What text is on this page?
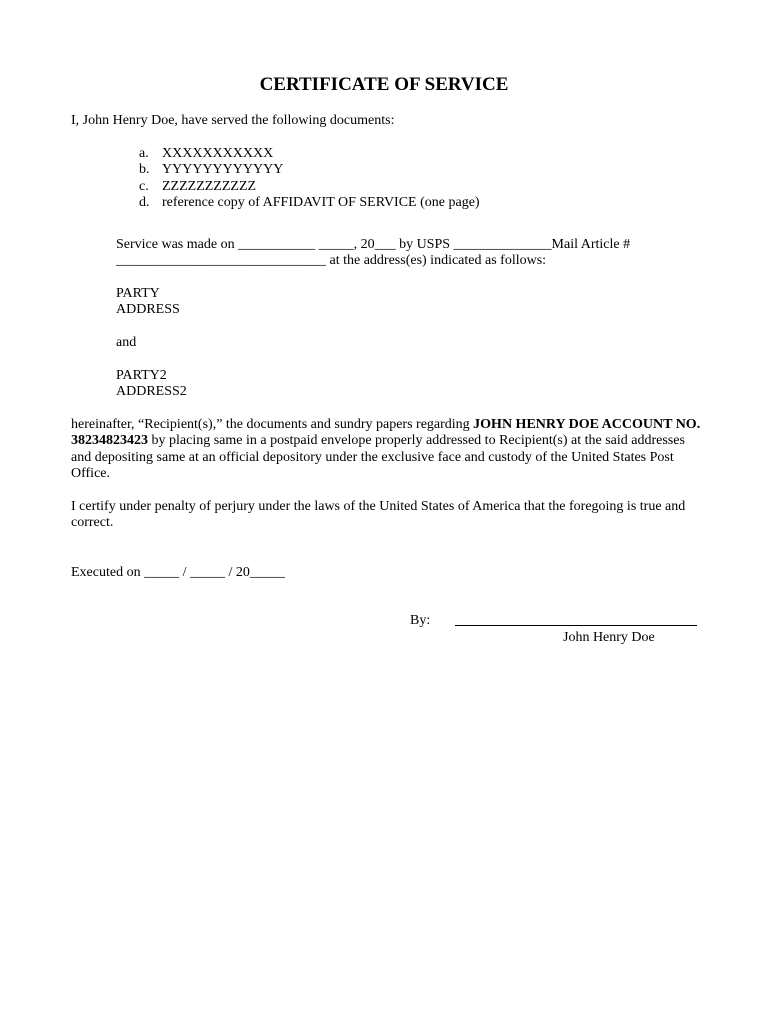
CERTIFICATE OF SERVICE
I, John Henry Doe, have served the following documents:
a. XXXXXXXXXXX
b. YYYYYYYYYYYY
c. ZZZZZZZZZZZ
d. reference copy of AFFIDAVIT OF SERVICE (one page)
Service was made on ___________ _____, 20___ by USPS ______________Mail Article #
______________________________ at the address(es) indicated as follows:
PARTY
ADDRESS
and
PARTY2
ADDRESS2
hereinafter, “Recipient(s),” the documents and sundry papers regarding JOHN HENRY DOE ACCOUNT NO. 38234823423 by placing same in a postpaid envelope properly addressed to Recipient(s) at the said addresses and depositing same at an official depository under the exclusive face and custody of the United States Post Office.
I certify under penalty of perjury under the laws of the United States of America that the foregoing is true and correct.
Executed on _____ / _____ / 20_____
By:
John Henry Doe
